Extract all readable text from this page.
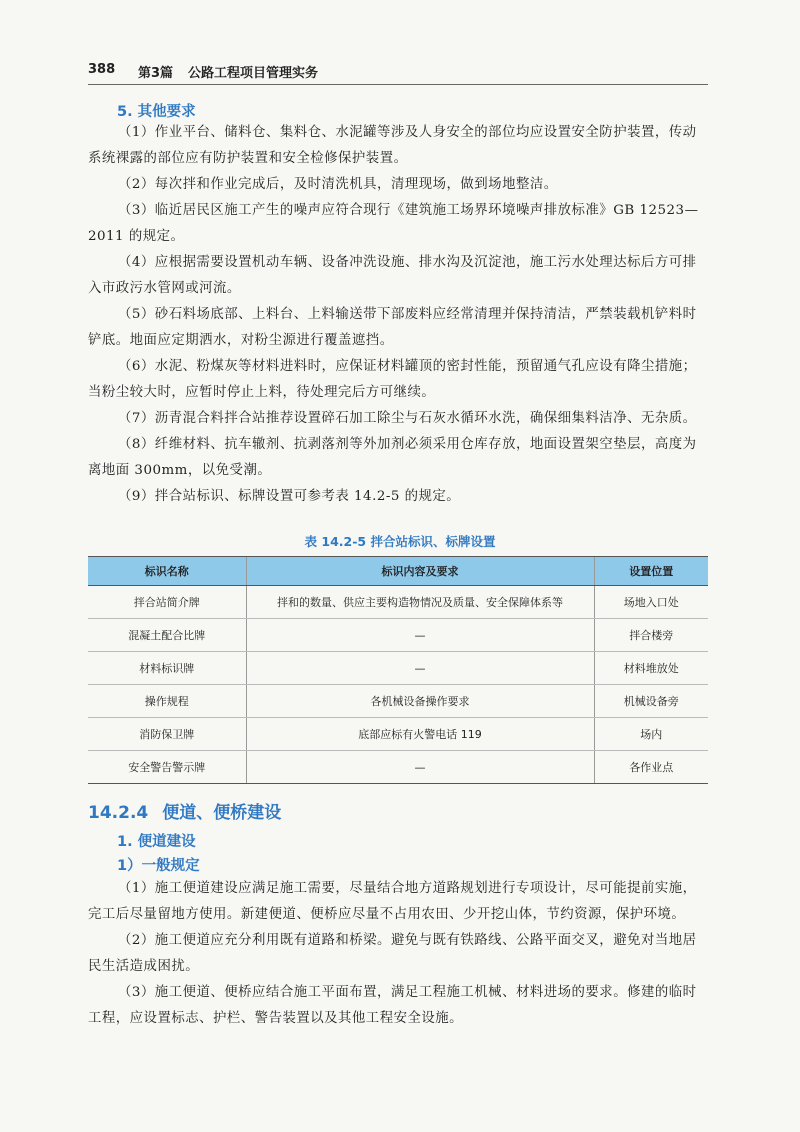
388 第3篇 公路工程项目管理实务
5. 其他要求

（1）作业平台、储料仓、集料仓、水泥罐等涉及人身安全的部位均应设置安全防护装置，传动系统裸露的部位应有防护装置和安全检修保护装置。

（2）每次拌和作业完成后，及时清洗机具，清理现场，做到场地整洁。

（3）临近居民区施工产生的噪声应符合现行《建筑施工场界环境噪声排放标准》GB 12523—2011 的规定。

（4）应根据需要设置机动车辆、设备冲洗设施、排水沟及沉淀池，施工污水处理达标后方可排入市政污水管网或河流。

（5）砂石料场底部、上料台、上料输送带下部废料应经常清理并保持清洁，严禁装载机铲料时铲底。地面应定期洒水，对粉尘源进行覆盖遮挡。

（6）水泥、粉煤灰等材料进料时，应保证材料罐顶的密封性能，预留通气孔应设有降尘措施；当粉尘较大时，应暂时停止上料，待处理完后方可继续。

（7）沥青混合料拌合站推荐设置碎石加工除尘与石灰水循环水洗，确保细集料洁净、无杂质。

（8）纤维材料、抗车辙剂、抗剥落剂等外加剂必须采用仓库存放，地面设置架空垫层，高度为离地面 300mm，以免受潮。

（9）拌合站标识、标牌设置可参考表 14.2-5 的规定。

表 14.2-5 拌合站标识、标牌设置
标识名称	标识内容及要求	设置位置
拌合站简介牌	拌和的数量、供应主要构造物情况及质量、安全保障体系等	场地入口处
混凝土配合比牌	—	拌合楼旁
材料标识牌	—	材料堆放处
操作规程	各机械设备操作要求	机械设备旁
消防保卫牌	底部应标有火警电话 119	场内
安全警告警示牌	—	各作业点
14.2.4 便道、便桥建设
1. 便道建设
1）一般规定

（1）施工便道建设应满足施工需要，尽量结合地方道路规划进行专项设计，尽可能提前实施，完工后尽量留地方使用。新建便道、便桥应尽量不占用农田、少开挖山体，节约资源，保护环境。

（2）施工便道应充分利用既有道路和桥梁。避免与既有铁路线、公路平面交叉，避免对当地居民生活造成困扰。

（3）施工便道、便桥应结合施工平面布置，满足工程施工机械、材料进场的要求。修建的临时工程，应设置标志、护栏、警告装置以及其他工程安全设施。
